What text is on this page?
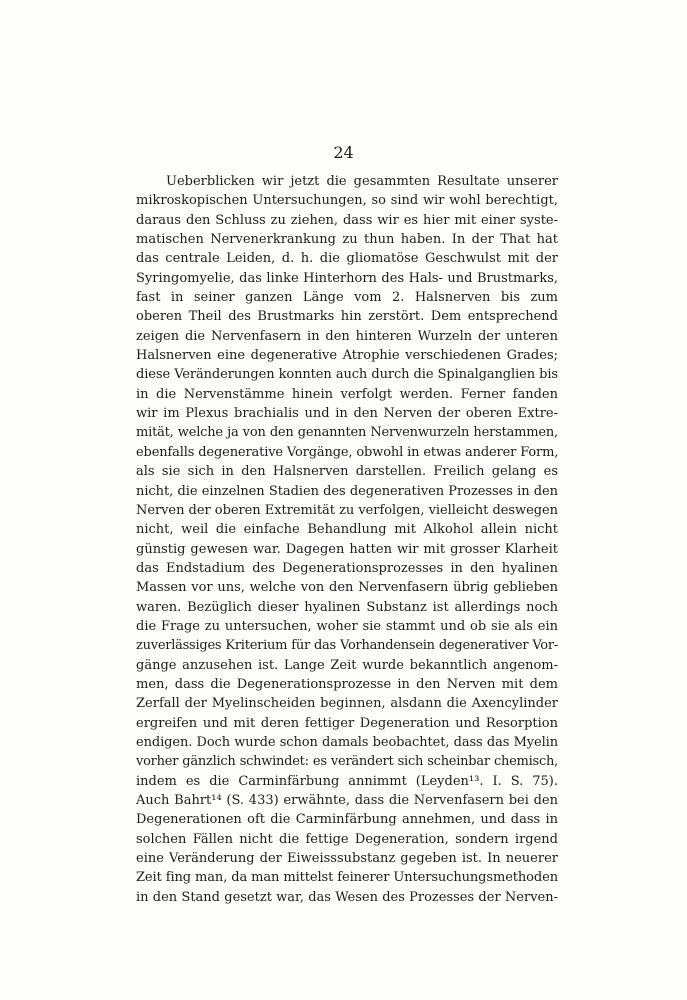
24
Ueberblicken wir jetzt die gesammten Resultate unserer
mikroskopischen Untersuchungen, so sind wir wohl berechtigt,
daraus den Schluss zu ziehen, dass wir es hier mit einer syste-
matischen Nervenerkrankung zu thun haben. In der That hat
das centrale Leiden, d. h. die gliomatöse Geschwulst mit der
Syringomyelie, das linke Hinterhorn des Hals- und Brustmarks,
fast in seiner ganzen Länge vom 2. Halsnerven bis zum
oberen Theil des Brustmarks hin zerstört. Dem entsprechend
zeigen die Nervenfasern in den hinteren Wurzeln der unteren
Halsnerven eine degenerative Atrophie verschiedenen Grades;
diese Veränderungen konnten auch durch die Spinalganglien bis
in die Nervenstämme hinein verfolgt werden. Ferner fanden
wir im Plexus brachialis und in den Nerven der oberen Extre-
mität, welche ja von den genannten Nervenwurzeln herstammen,
ebenfalls degenerative Vorgänge, obwohl in etwas anderer Form,
als sie sich in den Halsnerven darstellen. Freilich gelang es
nicht, die einzelnen Stadien des degenerativen Prozesses in den
Nerven der oberen Extremität zu verfolgen, vielleicht deswegen
nicht, weil die einfache Behandlung mit Alkohol allein nicht
günstig gewesen war. Dagegen hatten wir mit grosser Klarheit
das Endstadium des Degenerationsprozesses in den hyalinen
Massen vor uns, welche von den Nervenfasern übrig geblieben
waren. Bezüglich dieser hyalinen Substanz ist allerdings noch
die Frage zu untersuchen, woher sie stammt und ob sie als ein
zuverlässiges Kriterium für das Vorhandensein degenerativer Vor-
gänge anzusehen ist. Lange Zeit wurde bekanntlich angenom-
men, dass die Degenerationsprozesse in den Nerven mit dem
Zerfall der Myelinscheiden beginnen, alsdann die Axencylinder
ergreifen und mit deren fettiger Degeneration und Resorption
endigen. Doch wurde schon damals beobachtet, dass das Myelin
vorher gänzlich schwindet: es verändert sich scheinbar chemisch,
indem es die Carminfärbung annimmt (Leyden¹³. I. S. 75).
Auch Bahrt¹⁴ (S. 433) erwähnte, dass die Nervenfasern bei den
Degenerationen oft die Carminfärbung annehmen, und dass in
solchen Fällen nicht die fettige Degeneration, sondern irgend
eine Veränderung der Eiweisssubstanz gegeben ist. In neuerer
Zeit fing man, da man mittelst feinerer Untersuchungsmethoden
in den Stand gesetzt war, das Wesen des Prozesses der Nerven-
